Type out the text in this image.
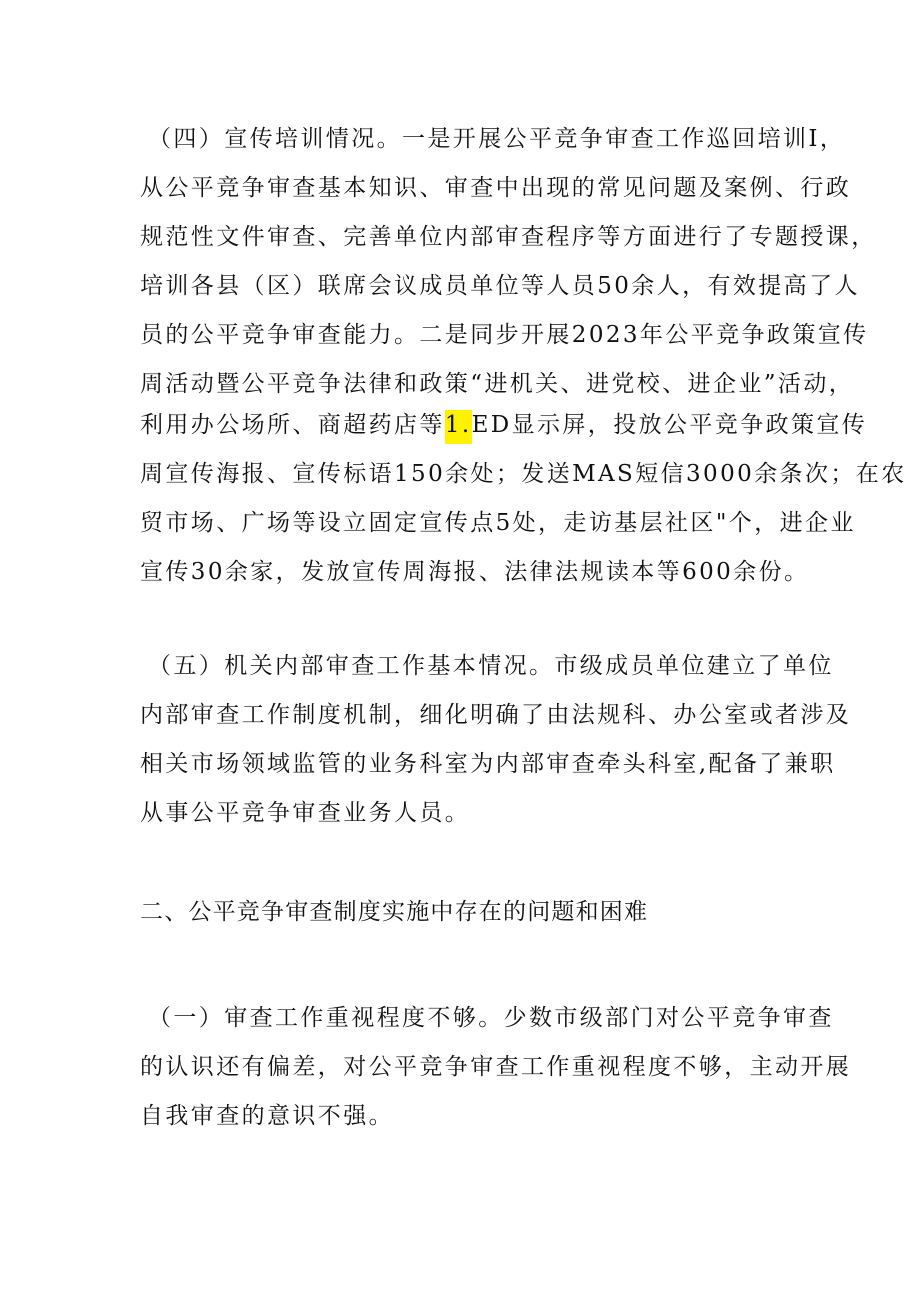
（四）宣传培训情况。一是开展公平竞争审查工作巡回培训I，
从公平竞争审查基本知识、审查中出现的常见问题及案例、行政
规范性文件审查、完善单位内部审查程序等方面进行了专题授课，
培训各县（区）联席会议成员单位等人员50余人，有效提高了人
员的公平竞争审查能力。二是同步开展2023年公平竞争政策宣传
周活动暨公平竞争法律和政策“进机关、进党校、进企业”活动，
利用办公场所、商超药店等1.ED显示屏，投放公平竞争政策宣传
周宣传海报、宣传标语150余处；发送MAS短信3000余条次；在农
贸市场、广场等设立固定宣传点5处，走访基层社区"个，进企业
宣传30余家，发放宣传周海报、法律法规读本等600余份。
（五）机关内部审查工作基本情况。市级成员单位建立了单位
内部审查工作制度机制，细化明确了由法规科、办公室或者涉及
相关市场领域监管的业务科室为内部审查牵头科室,配备了兼职
从事公平竞争审查业务人员。
二、公平竞争审查制度实施中存在的问题和困难
（一）审查工作重视程度不够。少数市级部门对公平竞争审查
的认识还有偏差，对公平竞争审查工作重视程度不够，主动开展
自我审查的意识不强。
